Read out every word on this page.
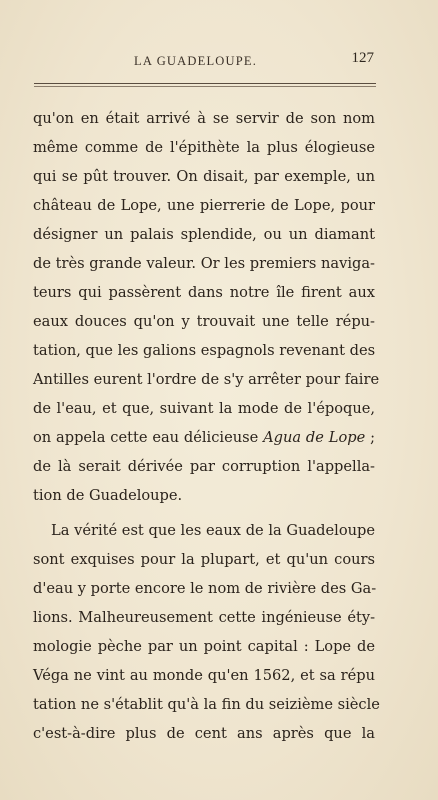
LA GUADELOUPE.	127
qu'on en était arrivé à se servir de son nom
même comme de l'épithète la plus élogieuse
qui se pût trouver. On disait, par exemple, un
château de Lope, une pierrerie de Lope, pour
désigner un palais splendide, ou un diamant
de très grande valeur. Or les premiers naviga-
teurs qui passèrent dans notre île firent aux
eaux douces qu'on y trouvait une telle répu-
tation, que les galions espagnols revenant des
Antilles eurent l'ordre de s'y arrêter pour faire
de l'eau, et que, suivant la mode de l'époque,
on appela cette eau délicieuse Agua de Lope ;
de là serait dérivée par corruption l'appella-
tion de Guadeloupe.
La vérité est que les eaux de la Guadeloupe
sont exquises pour la plupart, et qu'un cours
d'eau y porte encore le nom de rivière des Ga-
lions. Malheureusement cette ingénieuse éty-
mologie pèche par un point capital : Lope de
Véga ne vint au monde qu'en 1562, et sa répu
tation ne s'établit qu'à la fin du seizième siècle
c'est-à-dire plus de cent ans après que la
